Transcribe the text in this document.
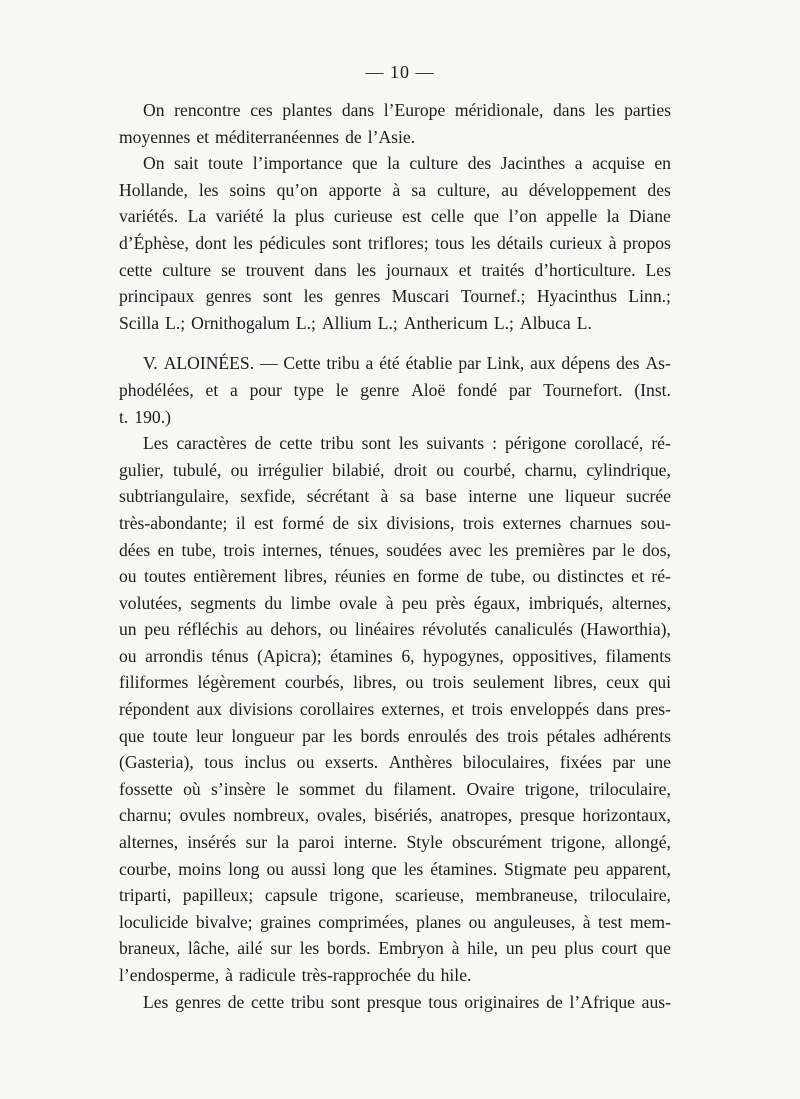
— 10 —
On rencontre ces plantes dans l’Europe méridionale, dans les parties
moyennes et méditerranéennes de l’Asie.
On sait toute l’importance que la culture des Jacinthes a acquise en
Hollande, les soins qu’on apporte à sa culture, au développement des
variétés. La variété la plus curieuse est celle que l’on appelle la Diane
d’Éphèse, dont les pédicules sont triflores; tous les détails curieux à propos
cette culture se trouvent dans les journaux et traités d’horticulture. Les
principaux genres sont les genres Muscari Tournef.; Hyacinthus Linn.;
Scilla L.; Ornithogalum L.; Allium L.; Anthericum L.; Albuca L.
V. ALOINÉES. — Cette tribu a été établie par Link, aux dépens des As-
phodélées, et a pour type le genre Aloë fondé par Tournefort. (Inst.
t. 190.)
Les caractères de cette tribu sont les suivants : périgone corollacé, ré-
gulier, tubulé, ou irrégulier bilabié, droit ou courbé, charnu, cylindrique,
subtriangulaire, sexfide, sécrétant à sa base interne une liqueur sucrée
très-abondante; il est formé de six divisions, trois externes charnues sou-
dées en tube, trois internes, ténues, soudées avec les premières par le dos,
ou toutes entièrement libres, réunies en forme de tube, ou distinctes et ré-
volutées, segments du limbe ovale à peu près égaux, imbriqués, alternes,
un peu réfléchis au dehors, ou linéaires révolutés canaliculés (Haworthia),
ou arrondis ténus (Apicra); étamines 6, hypogynes, oppositives, filaments
filiformes légèrement courbés, libres, ou trois seulement libres, ceux qui
répondent aux divisions corollaires externes, et trois enveloppés dans pres-
que toute leur longueur par les bords enroulés des trois pétales adhérents
(Gasteria), tous inclus ou exserts. Anthères biloculaires, fixées par une
fossette où s’insère le sommet du filament. Ovaire trigone, triloculaire,
charnu; ovules nombreux, ovales, bisériés, anatropes, presque horizontaux,
alternes, insérés sur la paroi interne. Style obscurément trigone, allongé,
courbe, moins long ou aussi long que les étamines. Stigmate peu apparent,
triparti, papilleux; capsule trigone, scarieuse, membraneuse, triloculaire,
loculicide bivalve; graines comprimées, planes ou anguleuses, à test mem-
braneux, lâche, ailé sur les bords. Embryon à hile, un peu plus court que
l’endosperme, à radicule très-rapprochée du hile.
Les genres de cette tribu sont presque tous originaires de l’Afrique aus-
